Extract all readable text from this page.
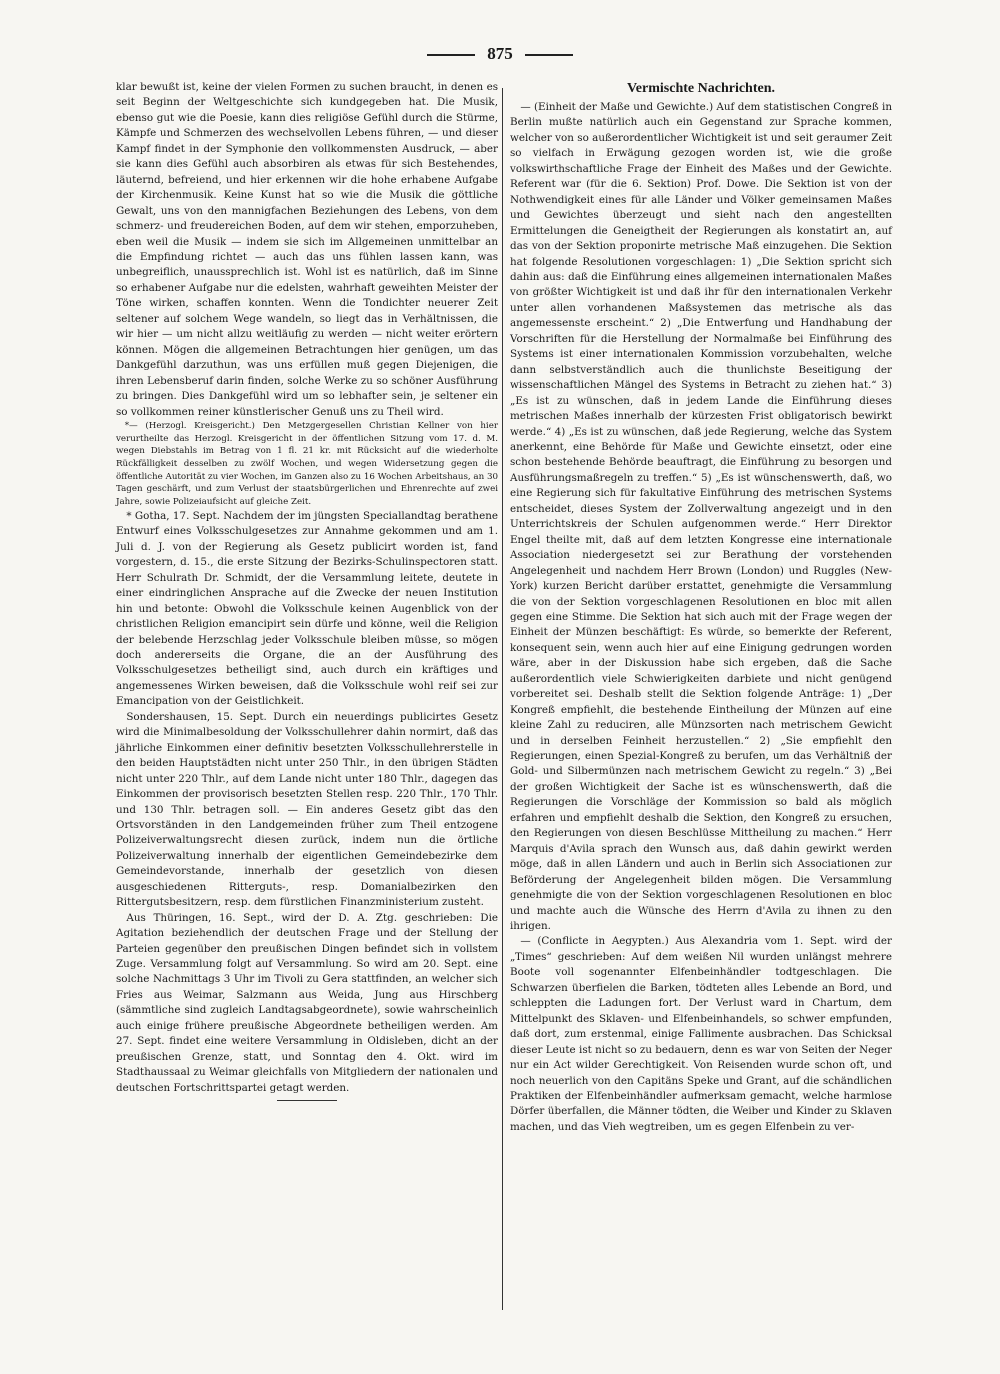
875

klar bewußt ist, keine der vielen Formen zu suchen braucht, in denen es seit Beginn der Weltgeschichte sich kundgegeben hat. Die Musik, ebenso gut wie die Poesie, kann dies religiöse Gefühl durch die Stürme, Kämpfe und Schmerzen des wechselvollen Lebens führen, — und dieser Kampf findet in der Symphonie den vollkommensten Ausdruck, — aber sie kann dies Gefühl auch absorbiren als etwas für sich Bestehendes, läuternd, befreiend, und hier erkennen wir die hohe erhabene Aufgabe der Kirchenmusik. Keine Kunst hat so wie die Musik die göttliche Gewalt, uns von den mannigfachen Beziehungen des Lebens, von dem schmerz- und freudereichen Boden, auf dem wir stehen, emporzuheben, eben weil die Musik — indem sie sich im Allgemeinen unmittelbar an die Empfindung richtet — auch das uns fühlen lassen kann, was unbegreiflich, unaussprechlich ist. Wohl ist es natürlich, daß im Sinne so erhabener Aufgabe nur die edelsten, wahrhaft geweihten Meister der Töne wirken, schaffen konnten. Wenn die Tondichter neuerer Zeit seltener auf solchem Wege wandeln, so liegt das in Verhältnissen, die wir hier — um nicht allzu weitläufig zu werden — nicht weiter erörtern können. Mögen die allgemeinen Betrachtungen hier genügen, um das Dankgefühl darzuthun, was uns erfüllen muß gegen Diejenigen, die ihren Lebensberuf darin finden, solche Werke zu so schöner Ausführung zu bringen. Dies Dankgefühl wird um so lebhafter sein, je seltener ein so vollkommen reiner künstlerischer Genuß uns zu Theil wird.

*— (Herzogl. Kreisgericht.) Den Metzgergesellen Christian Kellner von hier verurtheilte das Herzogl. Kreisgericht in der öffentlichen Sitzung vom 17. d. M. wegen Diebstahls im Betrag von 1 fl. 21 kr. mit Rücksicht auf die wiederholte Rückfälligkeit desselben zu zwölf Wochen, und wegen Widersetzung gegen die öffentliche Autorität zu vier Wochen, im Ganzen also zu 16 Wochen Arbeitshaus, an 30 Tagen geschärft, und zum Verlust der staatsbürgerlichen und Ehrenrechte auf zwei Jahre, sowie Polizeiaufsicht auf gleiche Zeit.

* Gotha, 17. Sept. Nachdem der im jüngsten Speciallandtag berathene Entwurf eines Volksschulgesetzes zur Annahme gekommen und am 1. Juli d. J. von der Regierung als Gesetz publicirt worden ist, fand vorgestern, d. 15., die erste Sitzung der Bezirks-Schulinspectoren statt. Herr Schulrath Dr. Schmidt, der die Versammlung leitete, deutete in einer eindringlichen Ansprache auf die Zwecke der neuen Institution hin und betonte: Obwohl die Volksschule keinen Augenblick von der christlichen Religion emancipirt sein dürfe und könne, weil die Religion der belebende Herzschlag jeder Volksschule bleiben müsse, so mögen doch andererseits die Organe, die an der Ausführung des Volksschulgesetzes betheiligt sind, auch durch ein kräftiges und angemessenes Wirken beweisen, daß die Volksschule wohl reif sei zur Emancipation von der Geistlichkeit.

Sondershausen, 15. Sept. Durch ein neuerdings publicirtes Gesetz wird die Minimalbesoldung der Volksschullehrer dahin normirt, daß das jährliche Einkommen einer definitiv besetzten Volksschullehrerstelle in den beiden Hauptstädten nicht unter 250 Thlr., in den übrigen Städten nicht unter 220 Thlr., auf dem Lande nicht unter 180 Thlr., dagegen das Einkommen der provisorisch besetzten Stellen resp. 220 Thlr., 170 Thlr. und 130 Thlr. betragen soll. — Ein anderes Gesetz gibt das den Ortsvorständen in den Landgemeinden früher zum Theil entzogene Polizeiverwaltungsrecht diesen zurück, indem nun die örtliche Polizeiverwaltung innerhalb der eigentlichen Gemeindebezirke dem Gemeindevorstande, innerhalb der gesetzlich von diesen ausgeschiedenen Ritterguts-, resp. Domanialbezirken den Rittergutsbesitzern, resp. dem fürstlichen Finanzministerium zusteht.

Aus Thüringen, 16. Sept., wird der D. A. Ztg. geschrieben: Die Agitation beziehendlich der deutschen Frage und der Stellung der Parteien gegenüber den preußischen Dingen befindet sich in vollstem Zuge. Versammlung folgt auf Versammlung. So wird am 20. Sept. eine solche Nachmittags 3 Uhr im Tivoli zu Gera stattfinden, an welcher sich Fries aus Weimar, Salzmann aus Weida, Jung aus Hirschberg (sämmtliche sind zugleich Landtagsabgeordnete), sowie wahrscheinlich auch einige frühere preußische Abgeordnete betheiligen werden. Am 27. Sept. findet eine weitere Versammlung in Oldisleben, dicht an der preußischen Grenze, statt, und Sonntag den 4. Okt. wird im Stadthaussaal zu Weimar gleichfalls von Mitgliedern der nationalen und deutschen Fortschrittspartei getagt werden.

Vermischte Nachrichten.

— (Einheit der Maße und Gewichte.) Auf dem statistischen Congreß in Berlin mußte natürlich auch ein Gegenstand zur Sprache kommen, welcher von so außerordentlicher Wichtigkeit ist und seit geraumer Zeit so vielfach in Erwägung gezogen worden ist, wie die große volkswirthschaftliche Frage der Einheit des Maßes und der Gewichte. Referent war (für die 6. Sektion) Prof. Dowe. Die Sektion ist von der Nothwendigkeit eines für alle Länder und Völker gemeinsamen Maßes und Gewichtes überzeugt und sieht nach den angestellten Ermittelungen die Geneigtheit der Regierungen als konstatirt an, auf das von der Sektion proponirte metrische Maß einzugehen. Die Sektion hat folgende Resolutionen vorgeschlagen: 1) „Die Sektion spricht sich dahin aus: daß die Einführung eines allgemeinen internationalen Maßes von größter Wichtigkeit ist und daß ihr für den internationalen Verkehr unter allen vorhandenen Maßsystemen das metrische als das angemessenste erscheint.“ 2) „Die Entwerfung und Handhabung der Vorschriften für die Herstellung der Normalmaße bei Einführung des Systems ist einer internationalen Kommission vorzubehalten, welche dann selbstverständlich auch die thunlichste Beseitigung der wissenschaftlichen Mängel des Systems in Betracht zu ziehen hat.“ 3) „Es ist zu wünschen, daß in jedem Lande die Einführung dieses metrischen Maßes innerhalb der kürzesten Frist obligatorisch bewirkt werde.“ 4) „Es ist zu wünschen, daß jede Regierung, welche das System anerkennt, eine Behörde für Maße und Gewichte einsetzt, oder eine schon bestehende Behörde beauftragt, die Einführung zu besorgen und Ausführungsmaßregeln zu treffen.“ 5) „Es ist wünschenswerth, daß, wo eine Regierung sich für fakultative Einführung des metrischen Systems entscheidet, dieses System der Zollverwaltung angezeigt und in den Unterrichtskreis der Schulen aufgenommen werde.“ Herr Direktor Engel theilte mit, daß auf dem letzten Kongresse eine internationale Association niedergesetzt sei zur Berathung der vorstehenden Angelegenheit und nachdem Herr Brown (London) und Ruggles (New-York) kurzen Bericht darüber erstattet, genehmigte die Versammlung die von der Sektion vorgeschlagenen Resolutionen en bloc mit allen gegen eine Stimme. Die Sektion hat sich auch mit der Frage wegen der Einheit der Münzen beschäftigt: Es würde, so bemerkte der Referent, konsequent sein, wenn auch hier auf eine Einigung gedrungen worden wäre, aber in der Diskussion habe sich ergeben, daß die Sache außerordentlich viele Schwierigkeiten darbiete und nicht genügend vorbereitet sei. Deshalb stellt die Sektion folgende Anträge: 1) „Der Kongreß empfiehlt, die bestehende Eintheilung der Münzen auf eine kleine Zahl zu reduciren, alle Münzsorten nach metrischem Gewicht und in derselben Feinheit herzustellen.“ 2) „Sie empfiehlt den Regierungen, einen Spezial-Kongreß zu berufen, um das Verhältniß der Gold- und Silbermünzen nach metrischem Gewicht zu regeln.“ 3) „Bei der großen Wichtigkeit der Sache ist es wünschenswerth, daß die Regierungen die Vorschläge der Kommission so bald als möglich erfahren und empfiehlt deshalb die Sektion, den Kongreß zu ersuchen, den Regierungen von diesen Beschlüsse Mittheilung zu machen.“ Herr Marquis d'Avila sprach den Wunsch aus, daß dahin gewirkt werden möge, daß in allen Ländern und auch in Berlin sich Associationen zur Beförderung der Angelegenheit bilden mögen. Die Versammlung genehmigte die von der Sektion vorgeschlagenen Resolutionen en bloc und machte auch die Wünsche des Herrn d'Avila zu ihnen zu den ihrigen.

— (Conflicte in Aegypten.) Aus Alexandria vom 1. Sept. wird der „Times“ geschrieben: Auf dem weißen Nil wurden unlängst mehrere Boote voll sogenannter Elfenbeinhändler todtgeschlagen. Die Schwarzen überfielen die Barken, tödteten alles Lebende an Bord, und schleppten die Ladungen fort. Der Verlust ward in Chartum, dem Mittelpunkt des Sklaven- und Elfenbeinhandels, so schwer empfunden, daß dort, zum erstenmal, einige Fallimente ausbrachen. Das Schicksal dieser Leute ist nicht so zu bedauern, denn es war von Seiten der Neger nur ein Act wilder Gerechtigkeit. Von Reisenden wurde schon oft, und noch neuerlich von den Capitäns Speke und Grant, auf die schändlichen Praktiken der Elfenbeinhändler aufmerksam gemacht, welche harmlose Dörfer überfallen, die Männer tödten, die Weiber und Kinder zu Sklaven machen, und das Vieh wegtreiben, um es gegen Elfenbein zu ver-
